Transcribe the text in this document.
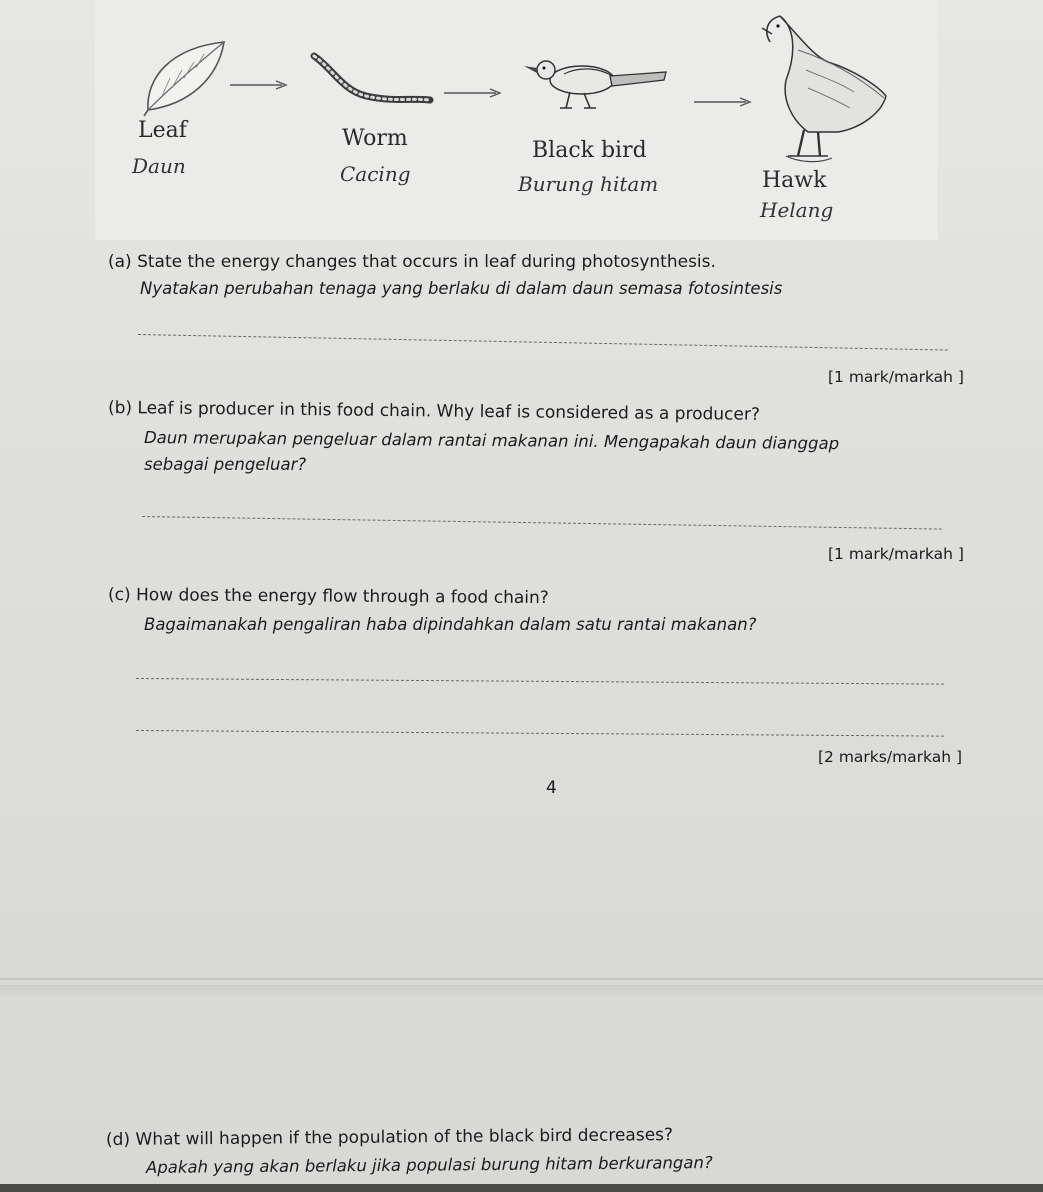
Leaf
Daun
Worm
Cacing
Black bird
Burung hitam	Hawk
Helang
(a) State the energy changes that occurs in leaf during photosynthesis.
Nyatakan perubahan tenaga yang berlaku di dalam daun semasa fotosintesis
[1 mark/markah ]
(b) Leaf is producer in this food chain. Why leaf is considered as a producer?
Daun merupakan pengeluar dalam rantai makanan ini. Mengapakah daun dianggap
sebagai pengeluar?
[1 mark/markah ]
(c) How does the energy flow through a food chain?
Bagaimanakah pengaliran haba dipindahkan dalam satu rantai makanan?
[2 marks/markah ]
4
(d) What will happen if the population of the black bird decreases?
Apakah yang akan berlaku jika populasi burung hitam berkurangan?
